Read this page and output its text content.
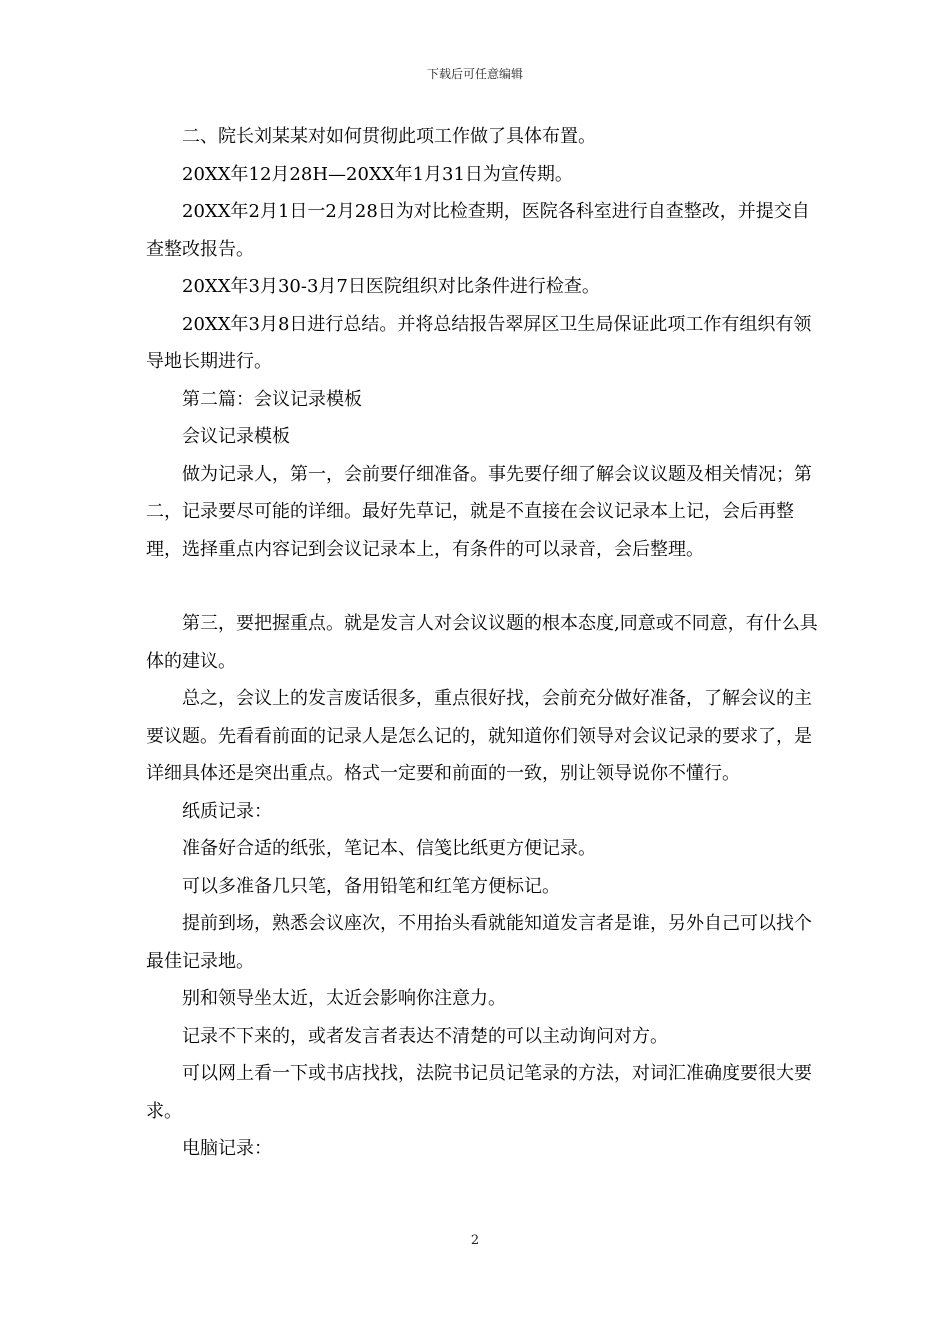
下载后可任意编辑

二、院长刘某某对如何贯彻此项工作做了具体布置。

20XX年12月28H—20XX年1月31日为宣传期。

20XX年2月1日一2月28日为对比检查期，医院各科室进行自查整改，并提交自查整改报告。

20XX年3月30-3月7日医院组织对比条件进行检查。

20XX年3月8日进行总结。并将总结报告翠屏区卫生局保证此项工作有组织有领导地长期进行。

第二篇：会议记录模板

会议记录模板

做为记录人，第一，会前要仔细准备。事先要仔细了解会议议题及相关情况；第二，记录要尽可能的详细。最好先草记，就是不直接在会议记录本上记，会后再整理，选择重点内容记到会议记录本上，有条件的可以录音，会后整理。

第三，要把握重点。就是发言人对会议议题的根本态度,同意或不同意，有什么具体的建议。

总之，会议上的发言废话很多，重点很好找，会前充分做好准备，了解会议的主要议题。先看看前面的记录人是怎么记的，就知道你们领导对会议记录的要求了，是详细具体还是突出重点。格式一定要和前面的一致，别让领导说你不懂行。

纸质记录：

准备好合适的纸张，笔记本、信笺比纸更方便记录。

可以多准备几只笔，备用铅笔和红笔方便标记。

提前到场，熟悉会议座次，不用抬头看就能知道发言者是谁，另外自己可以找个最佳记录地。

别和领导坐太近，太近会影响你注意力。

记录不下来的，或者发言者表达不清楚的可以主动询问对方。

可以网上看一下或书店找找，法院书记员记笔录的方法，对词汇准确度要很大要求。

电脑记录：

2
